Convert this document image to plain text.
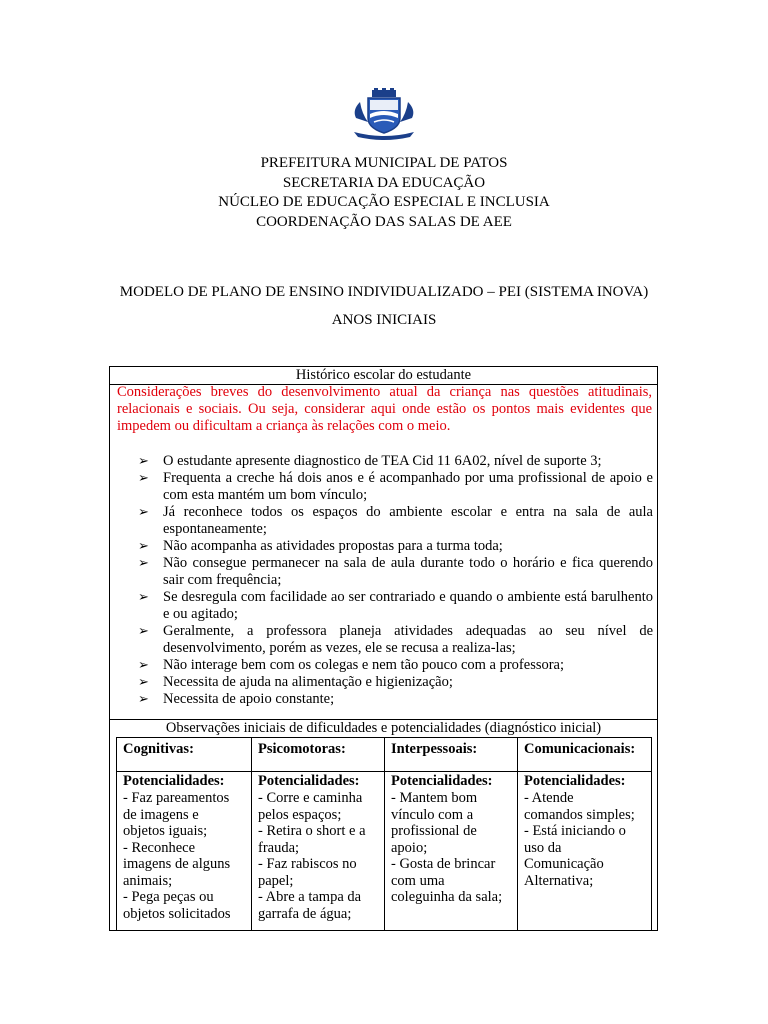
PREFEITURA MUNICIPAL DE PATOS
SECRETARIA DA EDUCAÇÃO
NÚCLEO DE EDUCAÇÃO ESPECIAL E INCLUSIA
COORDENAÇÃO DAS SALAS DE AEE
MODELO DE PLANO DE ENSINO INDIVIDUALIZADO – PEI (SISTEMA INOVA)
ANOS INICIAIS
Histórico escolar do estudante
Considerações breves do desenvolvimento atual da criança nas questões atitudinais, relacionais e sociais. Ou seja, considerar aqui onde estão os pontos mais evidentes que impedem ou dificultam a criança às relações com o meio.
➢ O estudante apresente diagnostico de TEA Cid 11 6A02, nível de suporte 3;
➢ Frequenta a creche há dois anos e é acompanhado por uma profissional de apoio e com esta mantém um bom vínculo;
➢ Já reconhece todos os espaços do ambiente escolar e entra na sala de aula espontaneamente;
➢ Não acompanha as atividades propostas para a turma toda;
➢ Não consegue permanecer na sala de aula durante todo o horário e fica querendo sair com frequência;
➢ Se desregula com facilidade ao ser contrariado e quando o ambiente está barulhento e ou agitado;
➢ Geralmente, a professora planeja atividades adequadas ao seu nível de desenvolvimento, porém as vezes, ele se recusa a realiza-las;
➢ Não interage bem com os colegas e nem tão pouco com a professora;
➢ Necessita de ajuda na alimentação e higienização;
➢ Necessita de apoio constante;
Observações iniciais de dificuldades e potencialidades (diagnóstico inicial)
Cognitivas:
Potencialidades:
- Faz pareamentos
de imagens e
objetos iguais;
- Reconhece
imagens de alguns
animais;
- Pega peças ou
objetos solicitados
Psicomotoras:
Potencialidades:
- Corre e caminha
pelos espaços;
- Retira o short e a
frauda;
- Faz rabiscos no
papel;
- Abre a tampa da
garrafa de água;
Interpessoais:
Potencialidades:
- Mantem bom
vínculo com a
profissional de
apoio;
- Gosta de brincar
com uma
coleguinha da sala;
Comunicacionais:
Potencialidades:
- Atende
comandos simples;
- Está iniciando o
uso da
Comunicação
Alternativa;
